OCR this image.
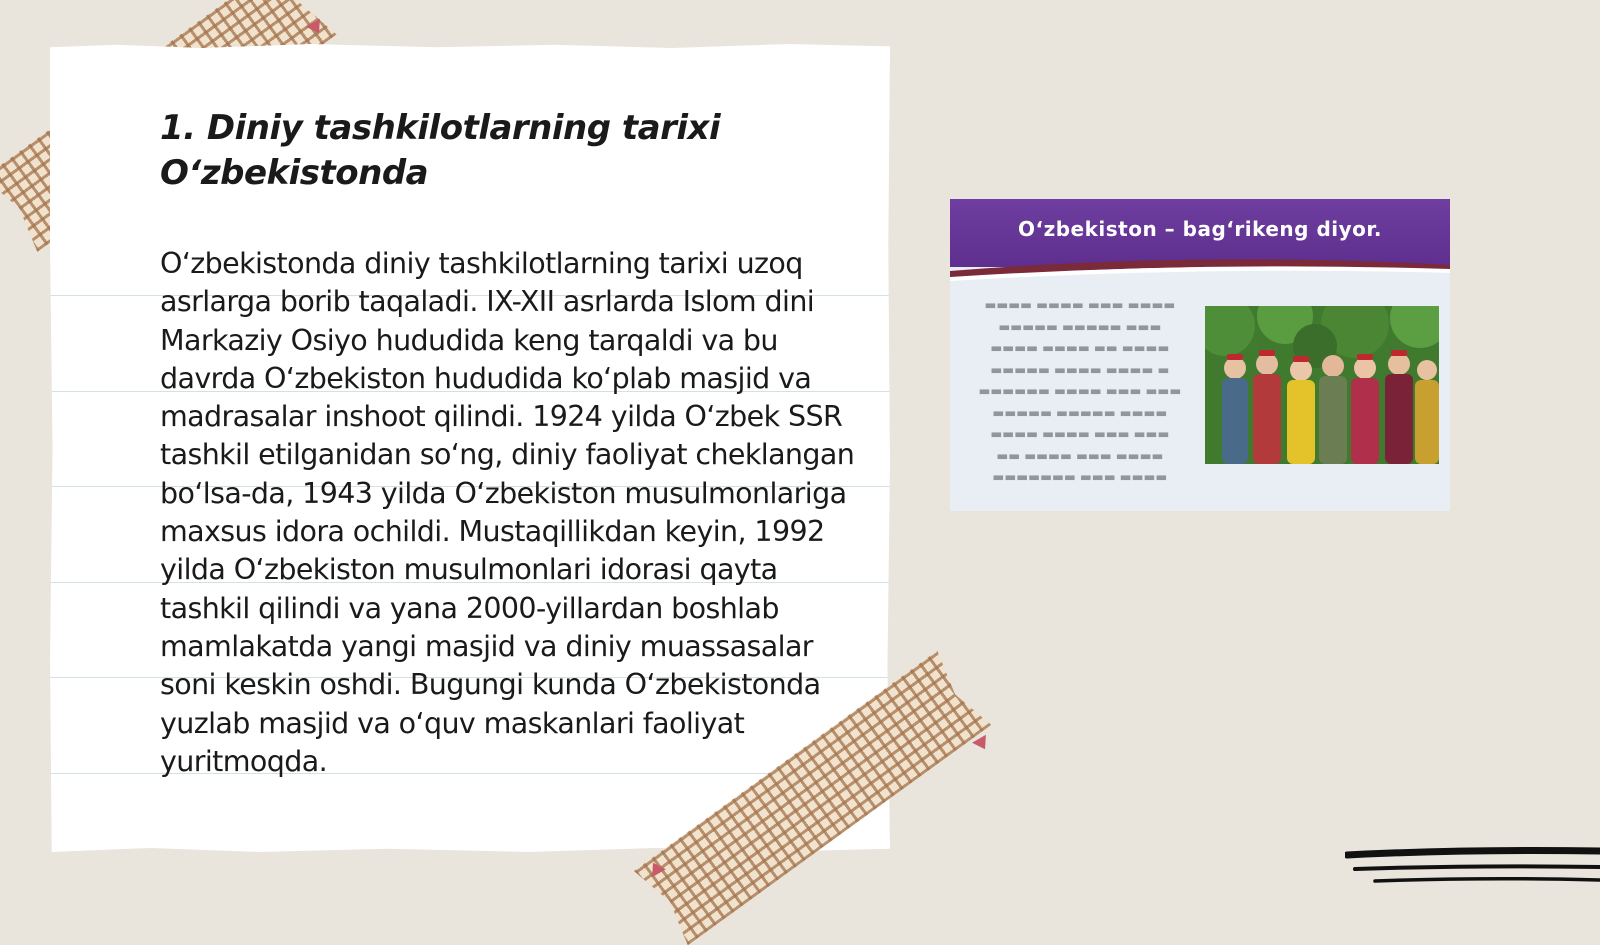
1. Diniy tashkilotlarning tarixi O‘zbekistonda

O‘zbekistonda diniy tashkilotlarning tarixi uzoq asrlarga borib taqaladi. IX-XII asrlarda Islom dini Markaziy Osiyo hududida keng tarqaldi va bu davrda O‘zbekiston hududida ko‘plab masjid va madrasalar inshoot qilindi. 1924 yilda O‘zbek SSR tashkil etilganidan so‘ng, diniy faoliyat cheklangan bo‘lsa-da, 1943 yilda O‘zbekiston musulmonlariga maxsus idora ochildi. Mustaqillikdan keyin, 1992 yilda O‘zbekiston musulmonlari idorasi qayta tashkil qilindi va yana 2000-yillardan boshlab mamlakatda yangi masjid va diniy muassasalar soni keskin oshdi. Bugungi kunda O‘zbekistonda yuzlab masjid va o‘quv maskanlari faoliyat yuritmoqda.

O‘zbekiston – bag‘rikeng diyor.
▬▬▬▬ ▬▬▬▬ ▬▬▬ ▬▬▬▬
▬▬▬▬▬ ▬▬▬▬▬ ▬▬▬
▬▬▬▬ ▬▬▬▬ ▬▬ ▬▬▬▬
▬▬▬▬▬ ▬▬▬▬ ▬▬▬▬ ▬
▬▬▬▬▬▬ ▬▬▬▬ ▬▬▬ ▬▬▬
▬▬▬▬▬ ▬▬▬▬▬ ▬▬▬▬
▬▬▬▬ ▬▬▬▬ ▬▬▬ ▬▬▬
▬▬ ▬▬▬▬ ▬▬▬ ▬▬▬▬
▬▬▬▬▬▬▬ ▬▬▬ ▬▬▬▬
